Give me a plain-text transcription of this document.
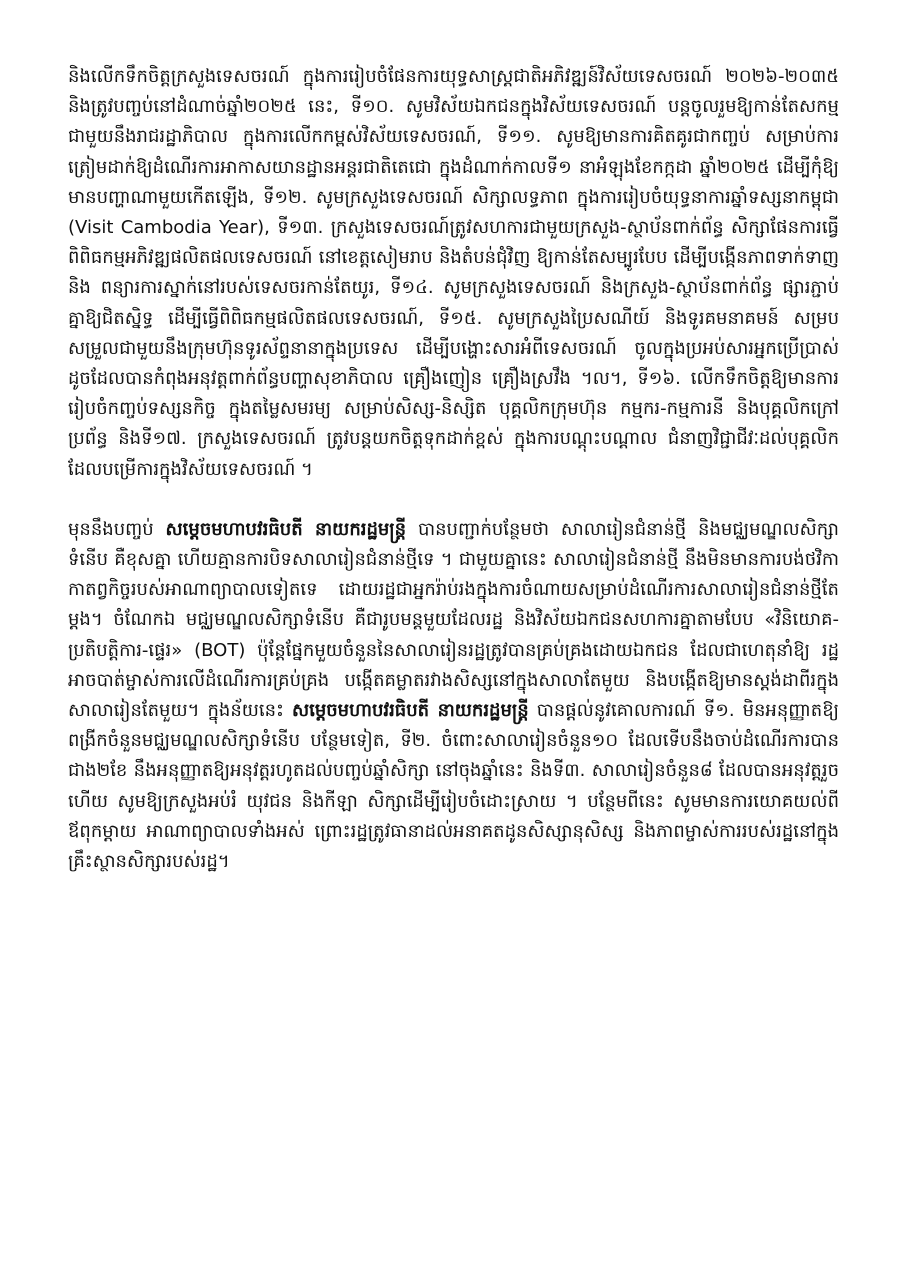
និងលើកទឹកចិត្តក្រសួងទេសចរណ៍ ក្នុងការរៀបចំផែនការយុទ្ធសាស្ត្រជាតិអភិវឌ្ឍន៍វិស័យទេសចរណ៍ ២០២៦-២០៣៥ និងត្រូវបញ្ចប់នៅដំណាច់ឆ្នាំ២០២៥ នេះ, ទី១០. សូមវិស័យឯកជនក្នុងវិស័យទេសចរណ៍ បន្តចូលរួមឱ្យកាន់តែសកម្មជាមួយនឹងរាជរដ្ឋាភិបាល ក្នុងការលើកកម្ពស់វិស័យទេសចរណ៍, ទី១១. សូមឱ្យមានការគិតគូរជាកញ្ចប់ សម្រាប់ការត្រៀមដាក់ឱ្យដំណើរការអាកាសយានដ្ឋានអន្តរជាតិតេជោ ក្នុងដំណាក់កាលទី១ នាអំឡុងខែកក្កដា ឆ្នាំ២០២៥ ដើម្បីកុំឱ្យមានបញ្ហាណាមួយកើតឡើង, ទី១២. សូមក្រសួងទេសចរណ៍ សិក្សាលទ្ធភាព ក្នុងការរៀបចំយុទ្ធនាការឆ្នាំទស្សនាកម្ពុជា (Visit Cambodia Year), ទី១៣. ក្រសួងទេសចរណ៍ត្រូវសហការជាមួយក្រសួង-ស្ថាប័នពាក់ព័ន្ធ សិក្សាផែនការធ្វើពិពិធកម្មអភិវឌ្ឍផលិតផលទេសចរណ៍ នៅខេត្តសៀមរាប និងតំបន់ជុំវិញ ឱ្យកាន់តែសម្បូរបែប ដើម្បីបង្កើនភាពទាក់ទាញ និង ពន្យារការស្នាក់នៅរបស់ទេសចរកាន់តែយូរ, ទី១៤. សូមក្រសួងទេសចរណ៍ និងក្រសួង-ស្ថាប័នពាក់ព័ន្ធ ផ្សារភ្ជាប់គ្នាឱ្យជិតស្និទ្ធ ដើម្បីធ្វើពិពិធកម្មផលិតផលទេសចរណ៍, ទី១៥. សូមក្រសួងប្រៃសណីយ៍ និងទូរគមនាគមន៍ សម្របសម្រួលជាមួយនឹងក្រុមហ៊ុនទូរស័ព្ទនានាក្នុងប្រទេស ដើម្បីបង្ហោះសារអំពីទេសចរណ៍ ចូលក្នុងប្រអប់សារអ្នកប្រើប្រាស់ ដូចដែលបានកំពុងអនុវត្តពាក់ព័ន្ធបញ្ហាសុខាភិបាល គ្រឿងញៀន គ្រឿងស្រវឹង ។ល។, ទី១៦. លើកទឹកចិត្តឱ្យមានការរៀបចំកញ្ចប់ទស្សនកិច្ច ក្នុងតម្លៃសមរម្យ សម្រាប់សិស្ស-និស្សិត បុគ្គលិកក្រុមហ៊ុន កម្មករ-កម្មការនី និងបុគ្គលិកក្រៅប្រព័ន្ធ និងទី១៧. ក្រសួងទេសចរណ៍ ត្រូវបន្តយកចិត្តទុកដាក់ខ្ពស់ ក្នុងការបណ្តុះបណ្តាល ជំនាញវិជ្ជាជីវៈដល់បុគ្គលិក ដែលបម្រើការក្នុងវិស័យទេសចរណ៍ ។

មុននឹងបញ្ចប់ សម្តេចមហាបវរធិបតី នាយករដ្ឋមន្ត្រី បានបញ្ជាក់បន្ថែមថា សាលារៀនជំនាន់ថ្មី និងមជ្ឈមណ្ឌលសិក្សាទំនើប គឺខុសគ្នា ហើយគ្មានការបិទសាលារៀនជំនាន់ថ្មីទេ ។ ជាមួយគ្នានេះ សាលារៀនជំនាន់ថ្មី នឹងមិនមានការបង់ថវិកាកាតព្វកិច្ចរបស់អាណាព្យាបាលទៀតទេ ដោយរដ្ឋជាអ្នករ៉ាប់រងក្នុងការចំណាយសម្រាប់ដំណើរការសាលារៀនជំនាន់ថ្មីតែម្តង។ ចំណែកឯ មជ្ឈមណ្ឌលសិក្សាទំនើប គឺជារូបមន្តមួយដែលរដ្ឋ និងវិស័យឯកជនសហការគ្នាតាមបែប «វិនិយោគ-ប្រតិបត្តិការ-ផ្ទេរ» (BOT) ប៉ុន្តែផ្នែកមួយចំនួននៃសាលារៀនរដ្ឋត្រូវបានគ្រប់គ្រងដោយឯកជន ដែលជាហេតុនាំឱ្យ រដ្ឋអាចបាត់ម្ចាស់ការលើដំណើរការគ្រប់គ្រង បង្កើតគម្លាតរវាងសិស្សនៅក្នុងសាលាតែមួយ និងបង្កើតឱ្យមានស្តង់ដាពីរក្នុងសាលារៀនតែមួយ។ ក្នុងន័យនេះ សម្តេចមហាបវរធិបតី នាយករដ្ឋមន្ត្រី បានផ្តល់នូវគោលការណ៍ ទី១. មិនអនុញ្ញាតឱ្យពង្រីកចំនួនមជ្ឈមណ្ឌលសិក្សាទំនើប បន្ថែមទៀត, ទី២. ចំពោះសាលារៀនចំនួន១០ ដែលទើបនឹងចាប់ដំណើរការបានជាង២ខែ នឹងអនុញ្ញាតឱ្យអនុវត្តរហូតដល់បញ្ចប់ឆ្នាំសិក្សា នៅចុងឆ្នាំនេះ និងទី៣. សាលារៀនចំនួន៨ ដែលបានអនុវត្តរួចហើយ សូមឱ្យក្រសួងអប់រំ យុវជន និងកីឡា សិក្សាដើម្បីរៀបចំដោះស្រាយ ។ បន្ថែមពីនេះ សូមមានការយោគយល់ពីឪពុកម្តាយ អាណាព្យាបាលទាំងអស់ ព្រោះរដ្ឋត្រូវធានាដល់អនាគតដូនសិស្សានុសិស្ស និងភាពម្ចាស់ការរបស់រដ្ឋនៅក្នុងគ្រឹះស្ថានសិក្សារបស់រដ្ឋ។
